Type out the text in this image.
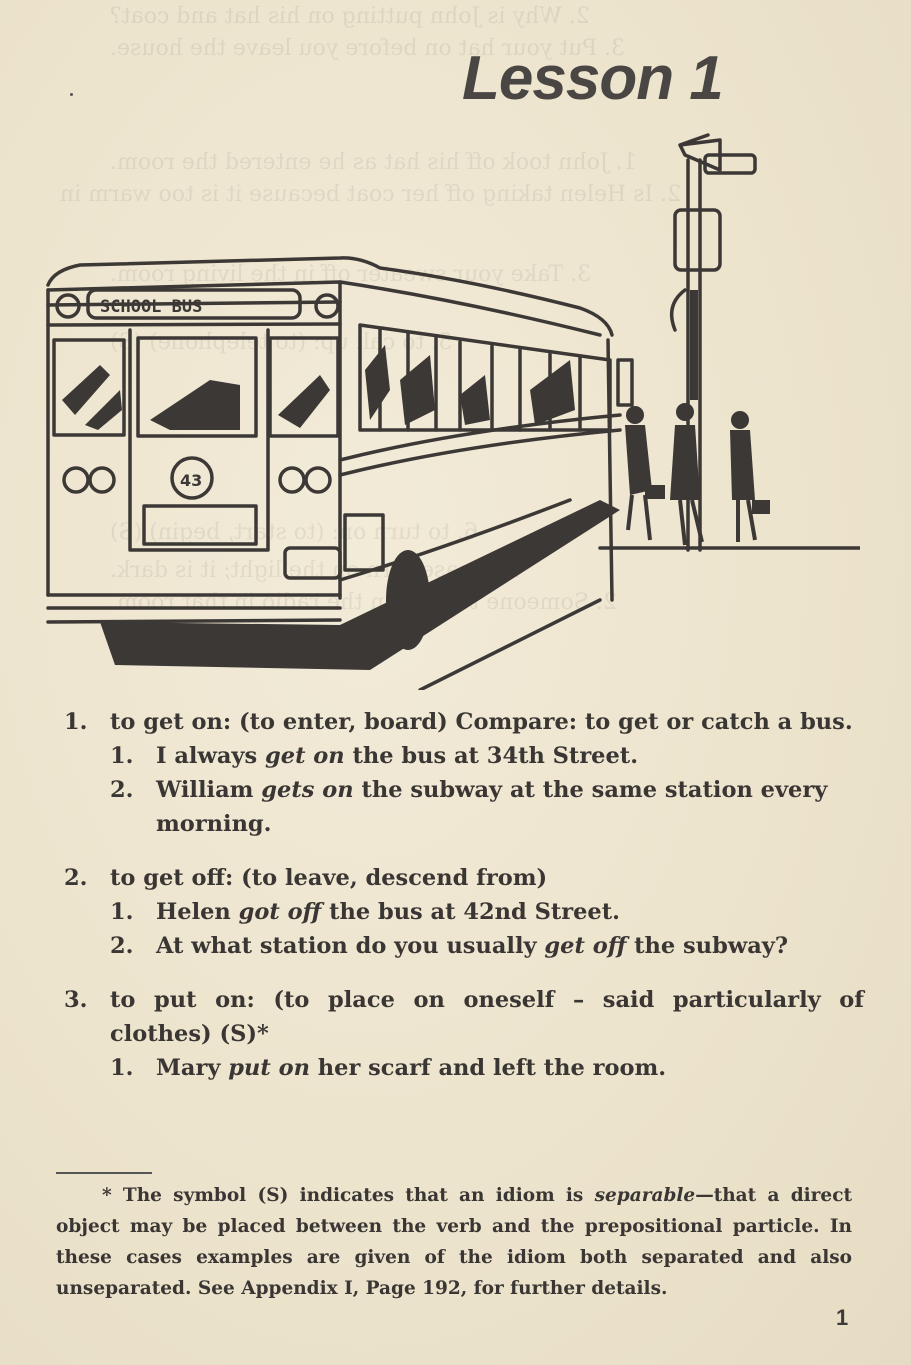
2. Why is John putting on his hat and coat?
3. Put your hat on before you leave the house.
1. John took off his hat as he entered the room.
2. Is Helen taking off her coat because it is too warm in
3. Take your sweater off in the living room.
5. to call up: (to telephone) (S)
6. to turn on: (to start, begin) (S)
1. Please turn on the light; it is dark.
2. Someone turned on the radio in that room.
Lesson 1
SCHOOL BUS
43
1. to get on: (to enter, board) Compare: to get or catch a bus.
1. I always get on the bus at 34th Street.
2. William gets on the subway at the same station every morning.
2. to get off: (to leave, descend from)
1. Helen got off the bus at 42nd Street.
2. At what station do you usually get off the subway?
3. to put on: (to place on oneself – said particularly of clothes) (S)*
1. Mary put on her scarf and left the room.
* The symbol (S) indicates that an idiom is separable—that a direct object may be placed between the verb and the prepositional particle. In these cases examples are given of the idiom both separated and also unseparated. See Appendix I, Page 192, for further details.
1
